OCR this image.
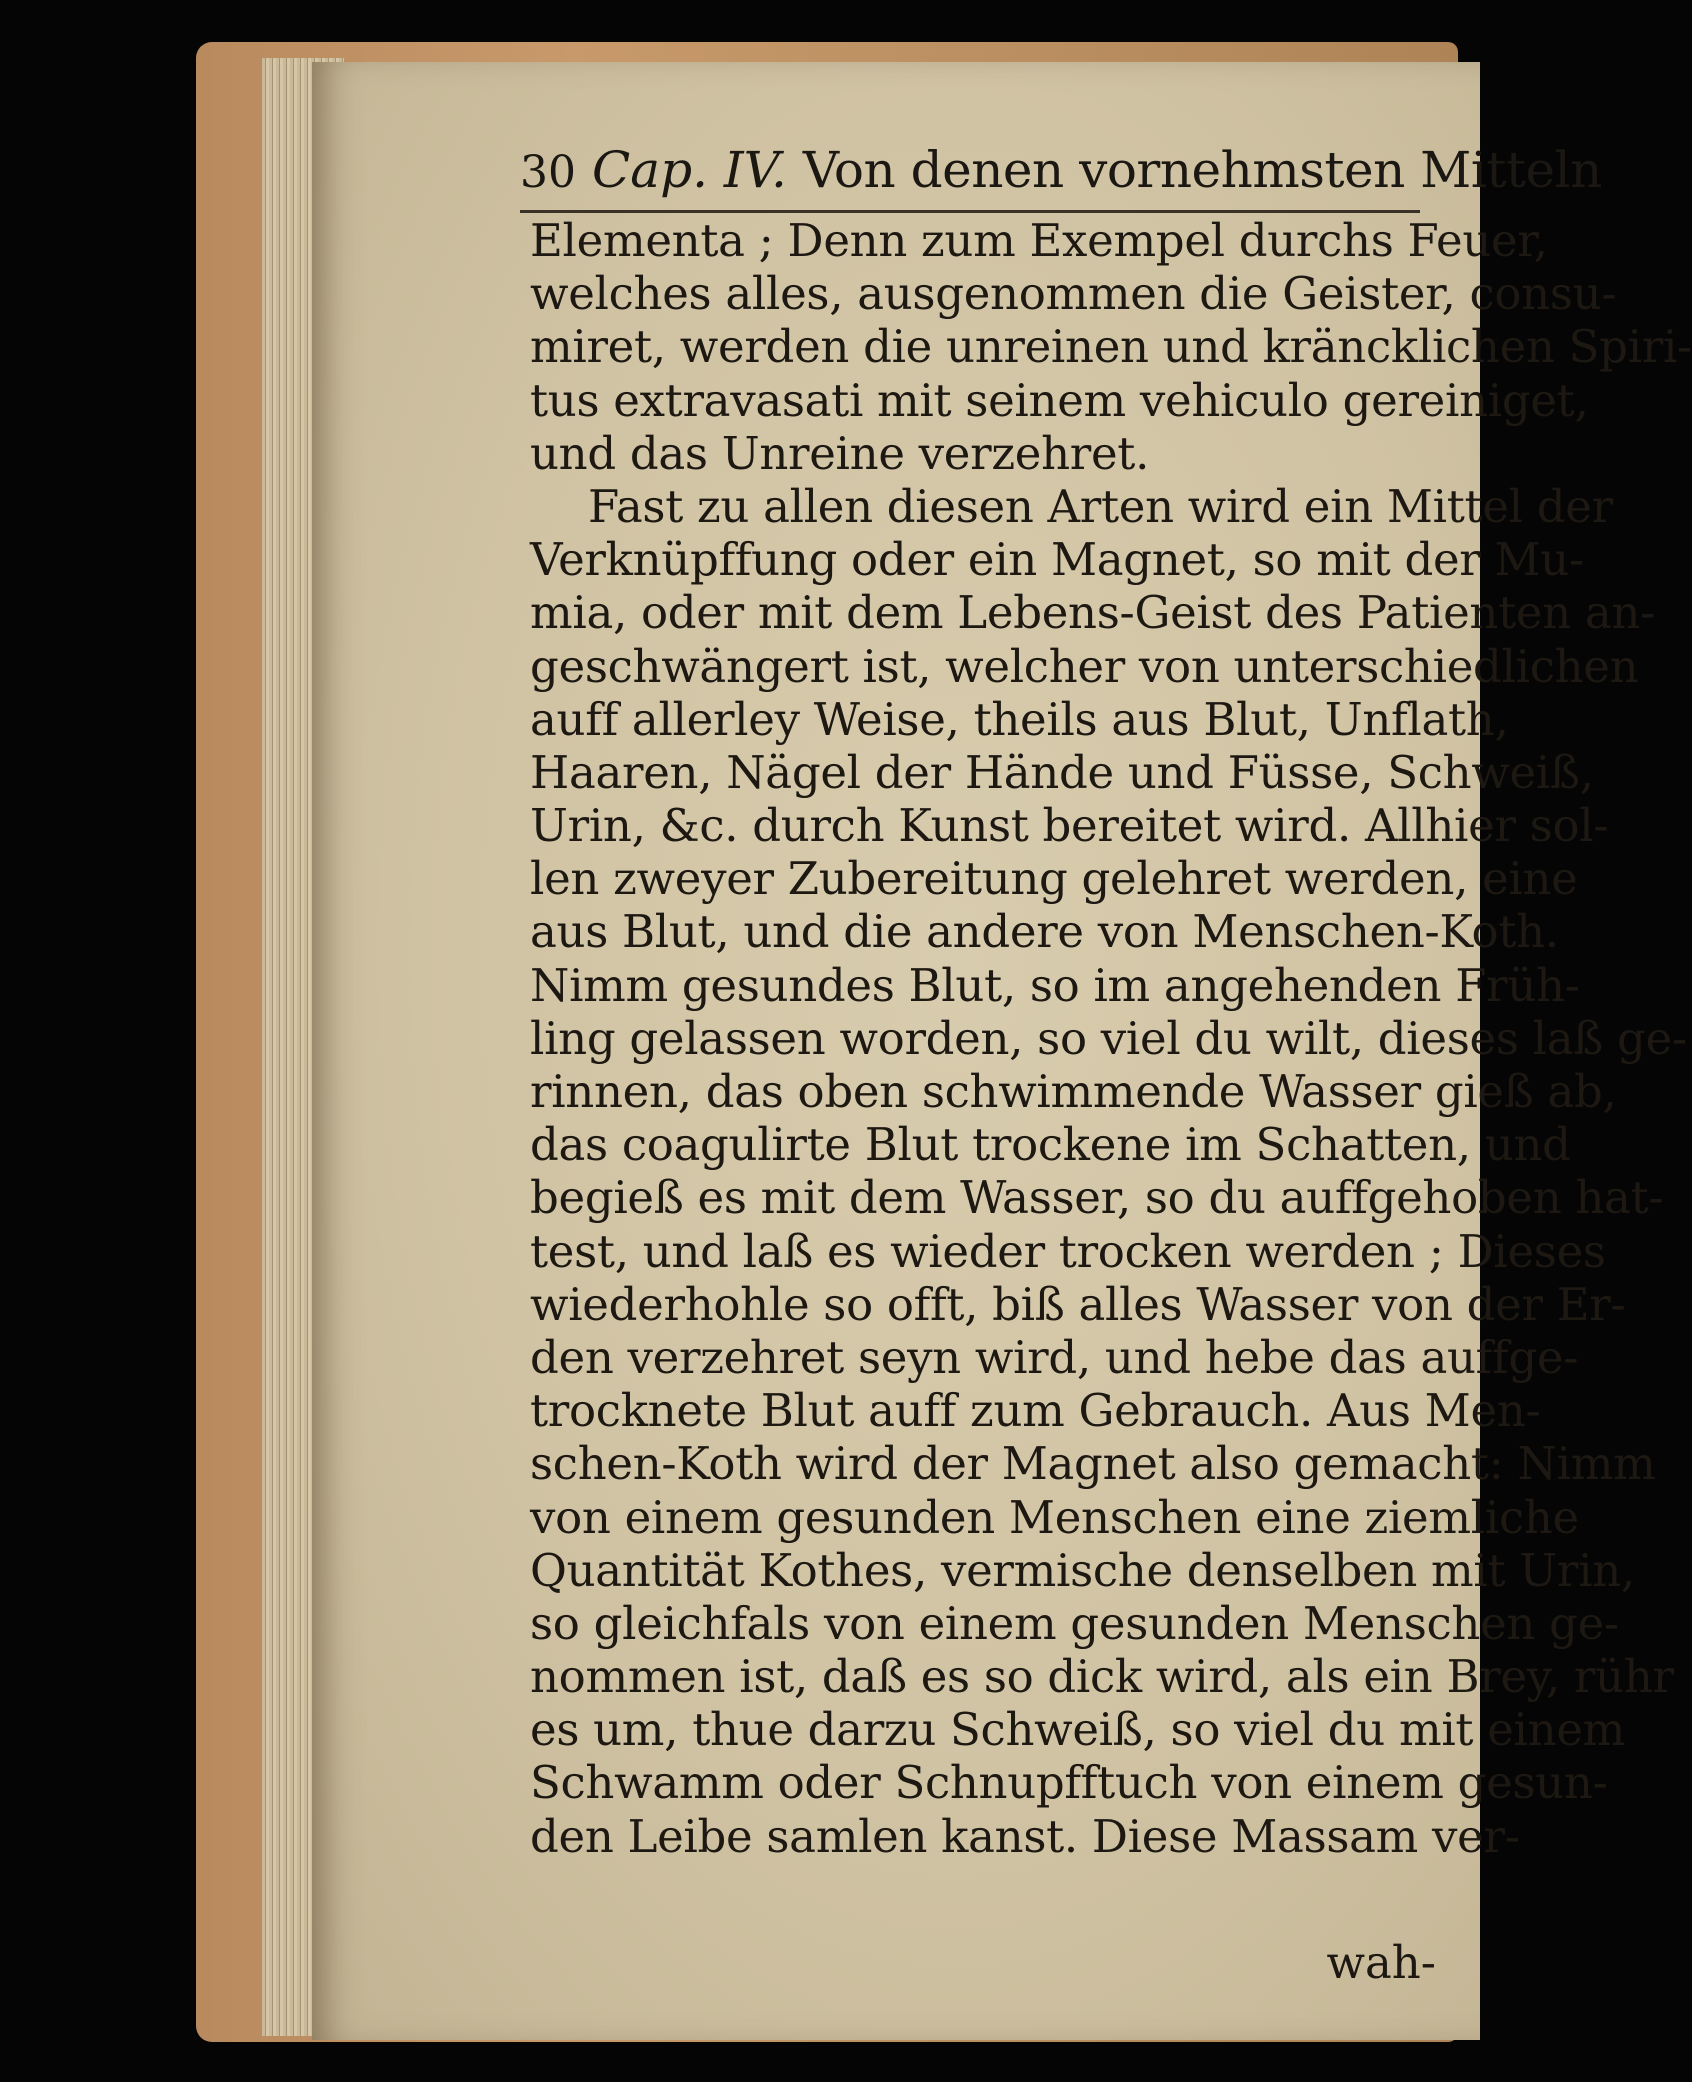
30 Cap. IV. Von denen vornehmsten Mitteln
Elementa ; Denn zum Exempel durchs Feuer,
welches alles, ausgenommen die Geister, consu-
miret, werden die unreinen und kräncklichen Spiri-
tus extravasati mit seinem vehiculo gereiniget,
und das Unreine verzehret.
Fast zu allen diesen Arten wird ein Mittel der
Verknüpffung oder ein Magnet, so mit der Mu-
mia, oder mit dem Lebens-Geist des Patienten an-
geschwängert ist, welcher von unterschiedlichen
auff allerley Weise, theils aus Blut, Unflath,
Haaren, Nägel der Hände und Füsse, Schweiß,
Urin, &c. durch Kunst bereitet wird. Allhier sol-
len zweyer Zubereitung gelehret werden, eine
aus Blut, und die andere von Menschen-Koth.
Nimm gesundes Blut, so im angehenden Früh-
ling gelassen worden, so viel du wilt, dieses laß ge-
rinnen, das oben schwimmende Wasser gieß ab,
das coagulirte Blut trockene im Schatten, und
begieß es mit dem Wasser, so du auffgehoben hat-
test, und laß es wieder trocken werden ; Dieses
wiederhohle so offt, biß alles Wasser von der Er-
den verzehret seyn wird, und hebe das auffge-
trocknete Blut auff zum Gebrauch. Aus Men-
schen-Koth wird der Magnet also gemacht: Nimm
von einem gesunden Menschen eine ziemliche
Quantität Kothes, vermische denselben mit Urin,
so gleichfals von einem gesunden Menschen ge-
nommen ist, daß es so dick wird, als ein Brey, rühr
es um, thue darzu Schweiß, so viel du mit einem
Schwamm oder Schnupfftuch von einem gesun-
den Leibe samlen kanst. Diese Massam ver-
wah-
